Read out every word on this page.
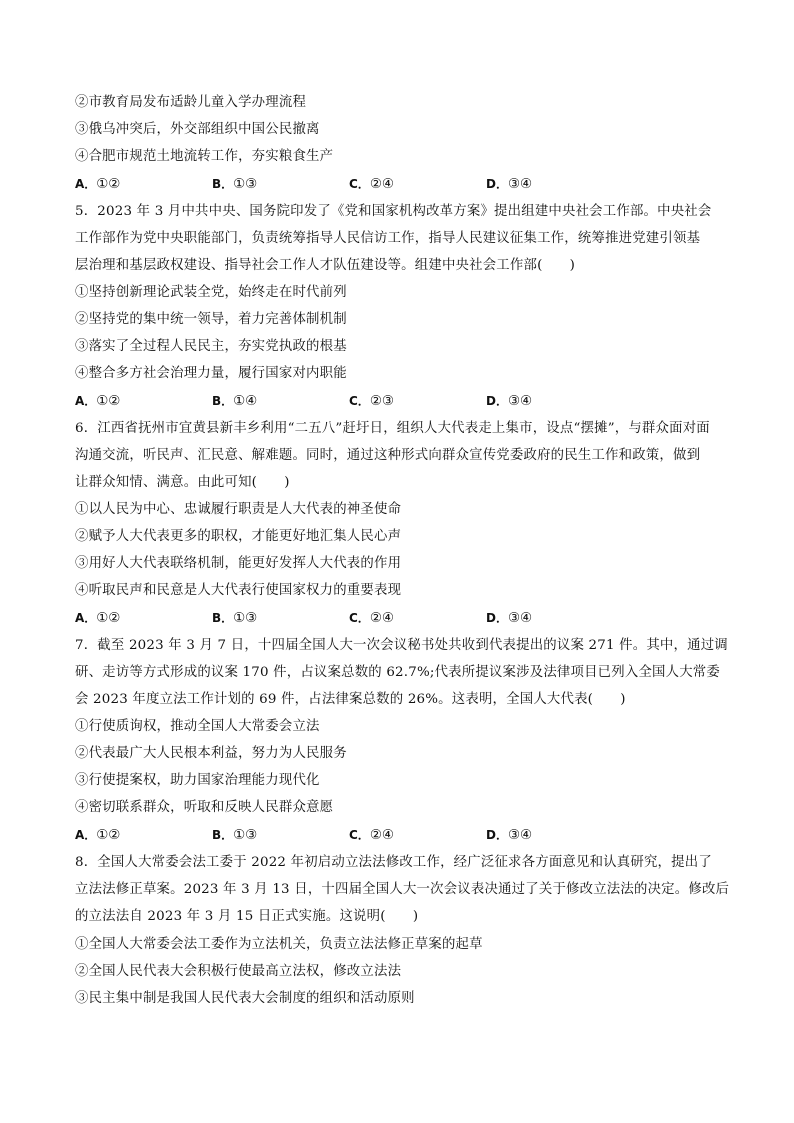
②市教育局发布适龄儿童入学办理流程
③俄乌冲突后，外交部组织中国公民撤离
④合肥市规范土地流转工作，夯实粮食生产
A．①②	B．①③	C．②④	D．③④
5．2023 年 3 月中共中央、国务院印发了《党和国家机构改革方案》提出组建中央社会工作部。中央社会
工作部作为党中央职能部门，负责统筹指导人民信访工作，指导人民建议征集工作，统筹推进党建引领基
层治理和基层政权建设、指导社会工作人才队伍建设等。组建中央社会工作部(　　)
①坚持创新理论武装全党，始终走在时代前列
②坚持党的集中统一领导，着力完善体制机制
③落实了全过程人民民主，夯实党执政的根基
④整合多方社会治理力量，履行国家对内职能
A．①②	B．①④	C．②③	D．③④
6．江西省抚州市宜黄县新丰乡利用“二五八”赶圩日，组织人大代表走上集市，设点“摆摊”，与群众面对面
沟通交流，听民声、汇民意、解难题。同时，通过这种形式向群众宣传党委政府的民生工作和政策，做到
让群众知情、满意。由此可知(　　)
①以人民为中心、忠诚履行职责是人大代表的神圣使命
②赋予人大代表更多的职权，才能更好地汇集人民心声
③用好人大代表联络机制，能更好发挥人大代表的作用
④听取民声和民意是人大代表行使国家权力的重要表现
A．①②	B．①③	C．②④	D．③④
7．截至 2023 年 3 月 7 日，十四届全国人大一次会议秘书处共收到代表提出的议案 271 件。其中，通过调
研、走访等方式形成的议案 170 件，占议案总数的 62.7%;代表所提议案涉及法律项目已列入全国人大常委
会 2023 年度立法工作计划的 69 件，占法律案总数的 26%。这表明，全国人大代表(　　)
①行使质询权，推动全国人大常委会立法
②代表最广大人民根本利益，努力为人民服务
③行使提案权，助力国家治理能力现代化
④密切联系群众，听取和反映人民群众意愿
A．①②	B．①③	C．②④	D．③④
8．全国人大常委会法工委于 2022 年初启动立法法修改工作，经广泛征求各方面意见和认真研究，提出了
立法法修正草案。2023 年 3 月 13 日，十四届全国人大一次会议表决通过了关于修改立法法的决定。修改后
的立法法自 2023 年 3 月 15 日正式实施。这说明(　　)
①全国人大常委会法工委作为立法机关，负责立法法修正草案的起草
②全国人民代表大会积极行使最高立法权，修改立法法
③民主集中制是我国人民代表大会制度的组织和活动原则
